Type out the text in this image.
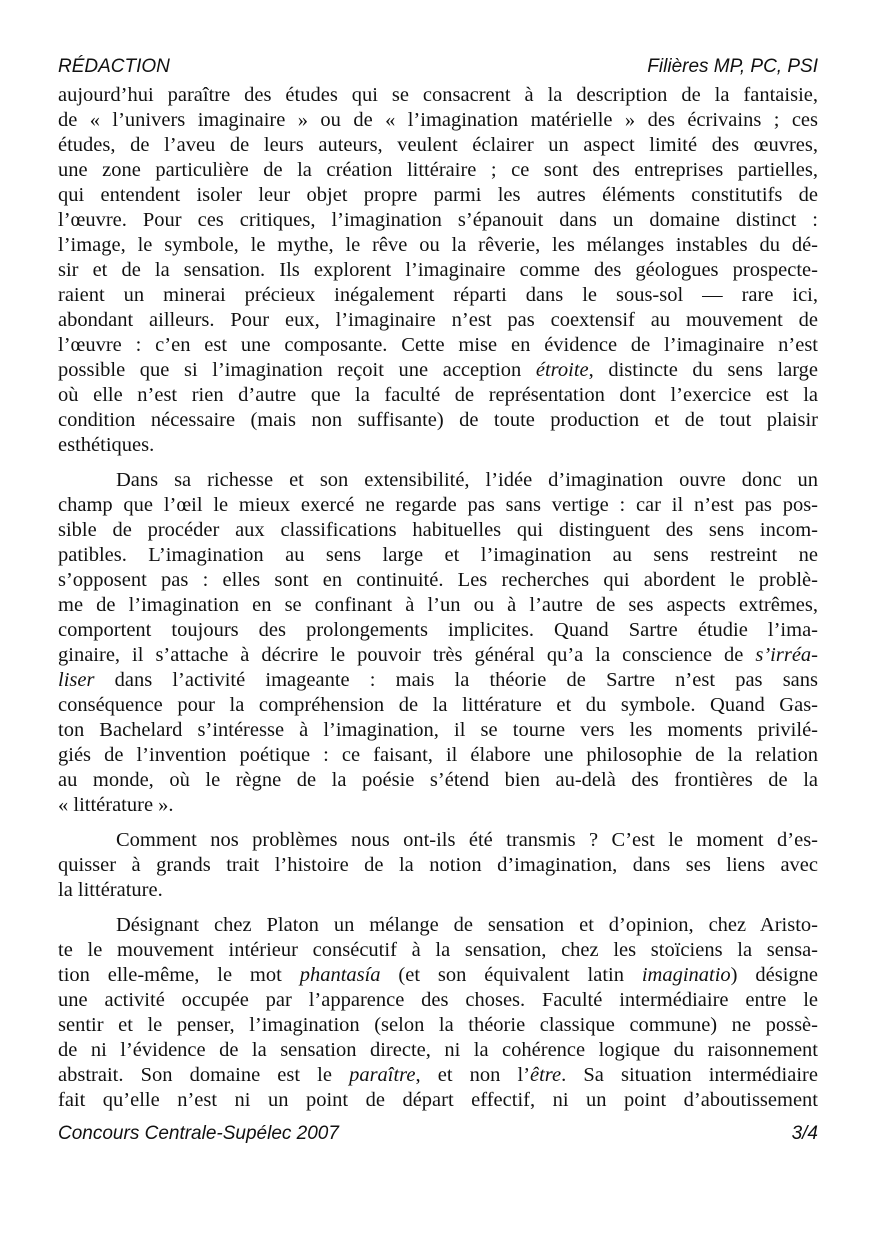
RÉDACTION	Filières MP, PC, PSI
aujourd’hui paraître des études qui se consacrent à la description de la fantaisie,
de « l’univers imaginaire » ou de « l’imagination matérielle » des écrivains ; ces
études, de l’aveu de leurs auteurs, veulent éclairer un aspect limité des œuvres,
une zone particulière de la création littéraire ; ce sont des entreprises partielles,
qui entendent isoler leur objet propre parmi les autres éléments constitutifs de
l’œuvre. Pour ces critiques, l’imagination s’épanouit dans un domaine distinct :
l’image, le symbole, le mythe, le rêve ou la rêverie, les mélanges instables du dé-
sir et de la sensation. Ils explorent l’imaginaire comme des géologues prospecte-
raient un minerai précieux inégalement réparti dans le sous-sol — rare ici,
abondant ailleurs. Pour eux, l’imaginaire n’est pas coextensif au mouvement de
l’œuvre : c’en est une composante. Cette mise en évidence de l’imaginaire n’est
possible que si l’imagination reçoit une acception étroite, distincte du sens large
où elle n’est rien d’autre que la faculté de représentation dont l’exercice est la
condition nécessaire (mais non suffisante) de toute production et de tout plaisir
esthétiques.
Dans sa richesse et son extensibilité, l’idée d’imagination ouvre donc un
champ que l’œil le mieux exercé ne regarde pas sans vertige : car il n’est pas pos-
sible de procéder aux classifications habituelles qui distinguent des sens incom-
patibles. L’imagination au sens large et l’imagination au sens restreint ne
s’opposent pas : elles sont en continuité. Les recherches qui abordent le problè-
me de l’imagination en se confinant à l’un ou à l’autre de ses aspects extrêmes,
comportent toujours des prolongements implicites. Quand Sartre étudie l’ima-
ginaire, il s’attache à décrire le pouvoir très général qu’a la conscience de s’irréa-
liser dans l’activité imageante : mais la théorie de Sartre n’est pas sans
conséquence pour la compréhension de la littérature et du symbole. Quand Gas-
ton Bachelard s’intéresse à l’imagination, il se tourne vers les moments privilé-
giés de l’invention poétique : ce faisant, il élabore une philosophie de la relation
au monde, où le règne de la poésie s’étend bien au-delà des frontières de la
« littérature ».
Comment nos problèmes nous ont-ils été transmis ? C’est le moment d’es-
quisser à grands trait l’histoire de la notion d’imagination, dans ses liens avec
la littérature.
Désignant chez Platon un mélange de sensation et d’opinion, chez Aristo-
te le mouvement intérieur consécutif à la sensation, chez les stoïciens la sensa-
tion elle-même, le mot phantasía (et son équivalent latin imaginatio) désigne
une activité occupée par l’apparence des choses. Faculté intermédiaire entre le
sentir et le penser, l’imagination (selon la théorie classique commune) ne possè-
de ni l’évidence de la sensation directe, ni la cohérence logique du raisonnement
abstrait. Son domaine est le paraître, et non l’être. Sa situation intermédiaire
fait qu’elle n’est ni un point de départ effectif, ni un point d’aboutissement
Concours Centrale-Supélec 2007	3/4
